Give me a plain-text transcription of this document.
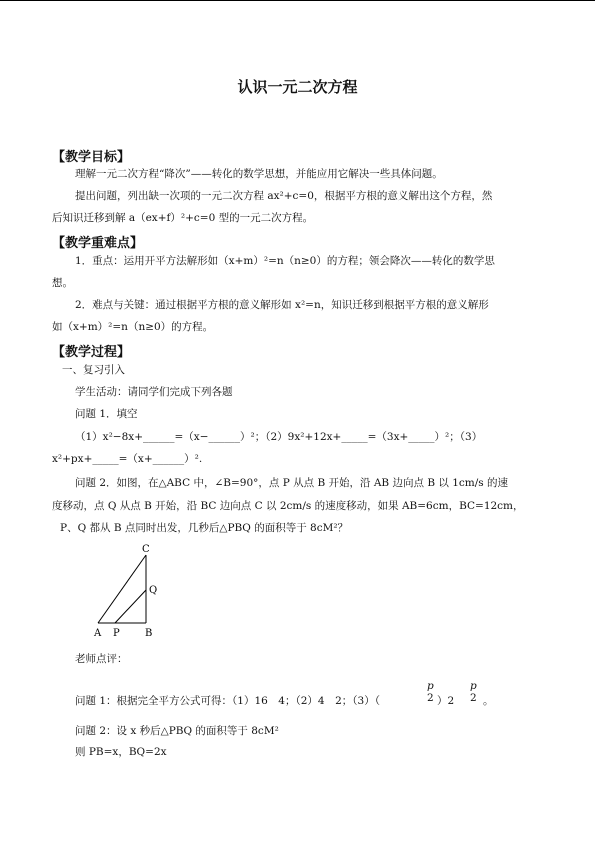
认识一元二次方程
【教学目标】
理解一元二次方程“降次”——转化的数学思想，并能应用它解决一些具体问题。
提出问题，列出缺一次项的一元二次方程 ax²+c=0，根据平方根的意义解出这个方程，然
后知识迁移到解 a（ex+f）²+c=0 型的一元二次方程。
【教学重难点】
1．重点：运用开平方法解形如（x+m）²=n（n≥0）的方程；领会降次——转化的数学思
想。
2．难点与关键：通过根据平方根的意义解形如 x²=n，知识迁移到根据平方根的意义解形
如（x+m）²=n（n≥0）的方程。
【教学过程】
一、复习引入
学生活动：请同学们完成下列各题
问题 1．填空
（1）x²−8x+______=（x−______）²；（2）9x²+12x+_____=（3x+_____）²；（3）
x²+px+_____=（x+______）².
问题 2．如图，在△ABC 中，∠B=90°，点 P 从点 B 开始，沿 AB 边向点 B 以 1cm/s 的速
度移动，点 Q 从点 B 开始，沿 BC 边向点 C 以 2cm/s 的速度移动，如果 AB=6cm，BC=12cm，
P、Q 都从 B 点同时出发，几秒后△PBQ 的面积等于 8cM²？
C
Q
A P	B
老师点评：
问题 1：根据完全平方公式可得：（1）16　4；（2）4　2；（3）（
p
2 ）2
p
2 。
问题 2：设 x 秒后△PBQ 的面积等于 8cM²
则 PB=x，BQ=2x
